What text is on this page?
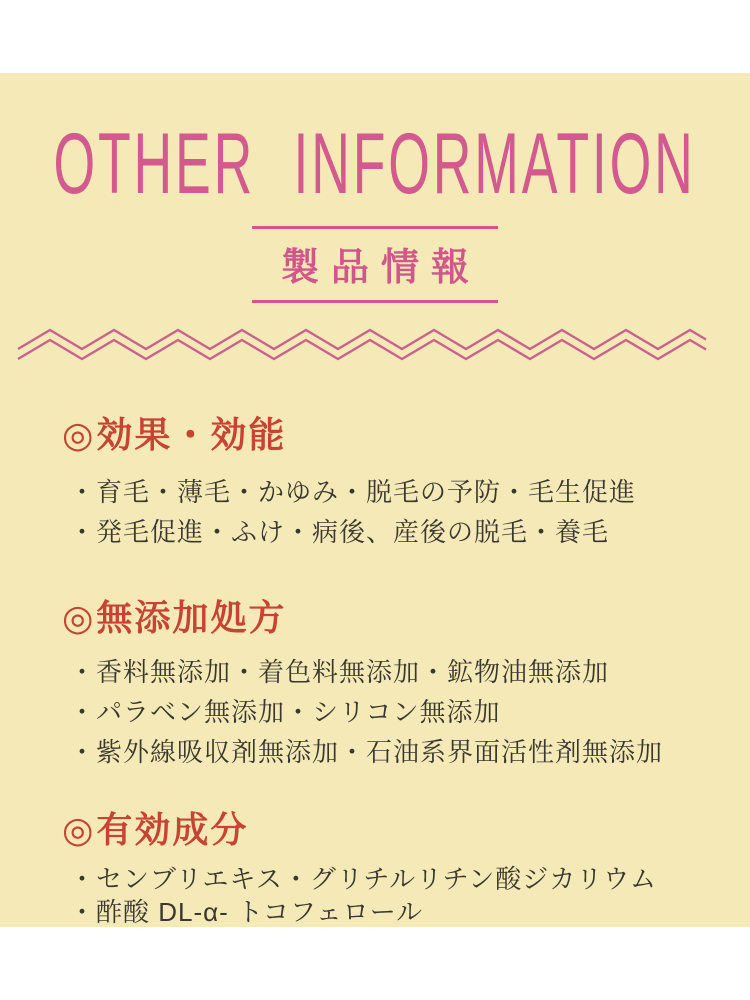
OTHER INFORMATION
製品情報
◎効果・効能
・育毛・薄毛・かゆみ・脱毛の予防・毛生促進
・発毛促進・ふけ・病後、産後の脱毛・養毛
◎無添加処方
・香料無添加・着色料無添加・鉱物油無添加
・パラベン無添加・シリコン無添加
・紫外線吸収剤無添加・石油系界面活性剤無添加
◎有効成分
・センブリエキス・グリチルリチン酸ジカリウム
・酢酸 DL-α- トコフェロール
